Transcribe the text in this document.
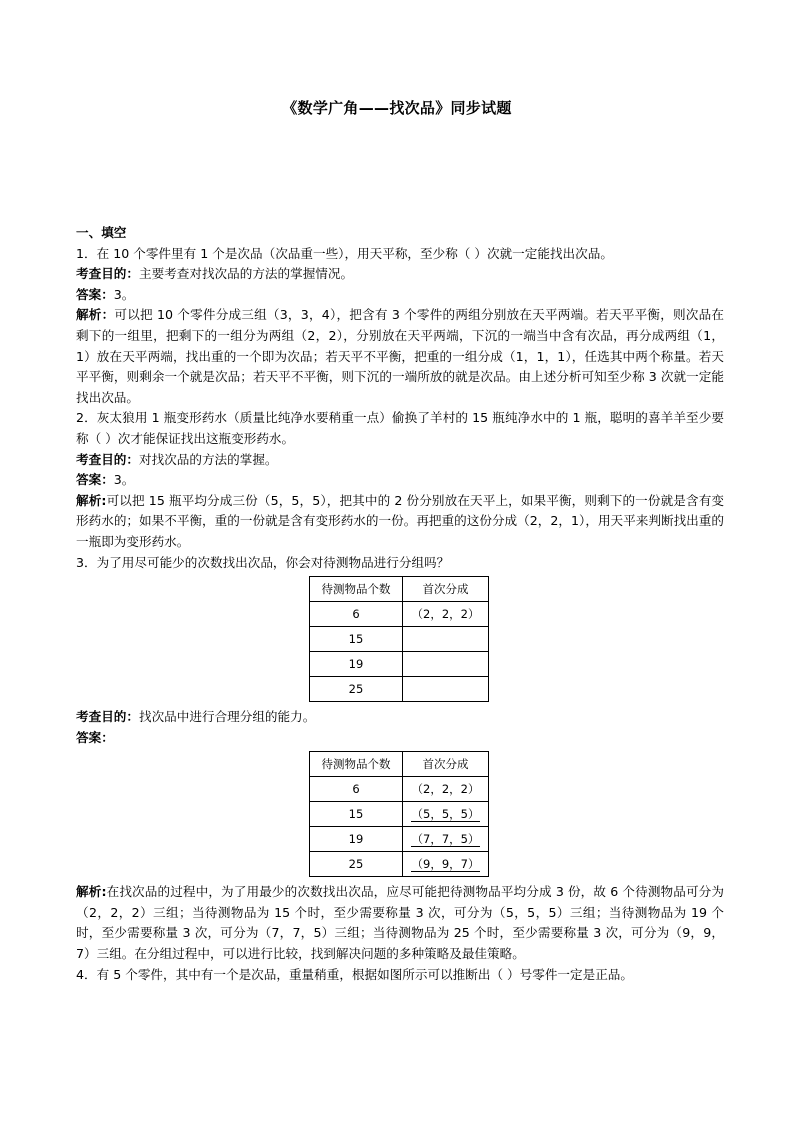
《数学广角——找次品》同步试题

一、填空

1．在 10 个零件里有 1 个是次品（次品重一些），用天平称，至少称（ ）次就一定能找出次品。

考查目的：主要考查对找次品的方法的掌握情况。

答案：3。

解析：可以把 10 个零件分成三组（3，3，4），把含有 3 个零件的两组分别放在天平两端。若天平平衡，则次品在剩下的一组里，把剩下的一组分为两组（2，2），分别放在天平两端，下沉的一端当中含有次品，再分成两组（1，1）放在天平两端，找出重的一个即为次品；若天平不平衡，把重的一组分成（1，1，1），任选其中两个称量。若天平平衡，则剩余一个就是次品；若天平不平衡，则下沉的一端所放的就是次品。由上述分析可知至少称 3 次就一定能找出次品。

2．灰太狼用 1 瓶变形药水（质量比纯净水要稍重一点）偷换了羊村的 15 瓶纯净水中的 1 瓶，聪明的喜羊羊至少要称（ ）次才能保证找出这瓶变形药水。

考查目的：对找次品的方法的掌握。

答案：3。

解析:可以把 15 瓶平均分成三份（5，5，5），把其中的 2 份分别放在天平上，如果平衡，则剩下的一份就是含有变形药水的；如果不平衡，重的一份就是含有变形药水的一份。再把重的这份分成（2，2，1），用天平来判断找出重的一瓶即为变形药水。

3．为了用尽可能少的次数找出次品，你会对待测物品进行分组吗？

待测物品个数	首次分成
6	（2，2，2）
15	
19	
25	

考查目的：找次品中进行合理分组的能力。

答案：

待测物品个数	首次分成
6	（2，2，2）
15	（5，5，5）
19	（7，7，5）
25	（9，9，7）

解析:在找次品的过程中，为了用最少的次数找出次品，应尽可能把待测物品平均分成 3 份，故 6 个待测物品可分为（2，2，2）三组；当待测物品为 15 个时，至少需要称量 3 次，可分为（5，5，5）三组；当待测物品为 19 个时，至少需要称量 3 次，可分为（7，7，5）三组；当待测物品为 25 个时，至少需要称量 3 次，可分为（9，9，7）三组。在分组过程中，可以进行比较，找到解决问题的多种策略及最佳策略。

4．有 5 个零件，其中有一个是次品，重量稍重，根据如图所示可以推断出（ ）号零件一定是正品。
